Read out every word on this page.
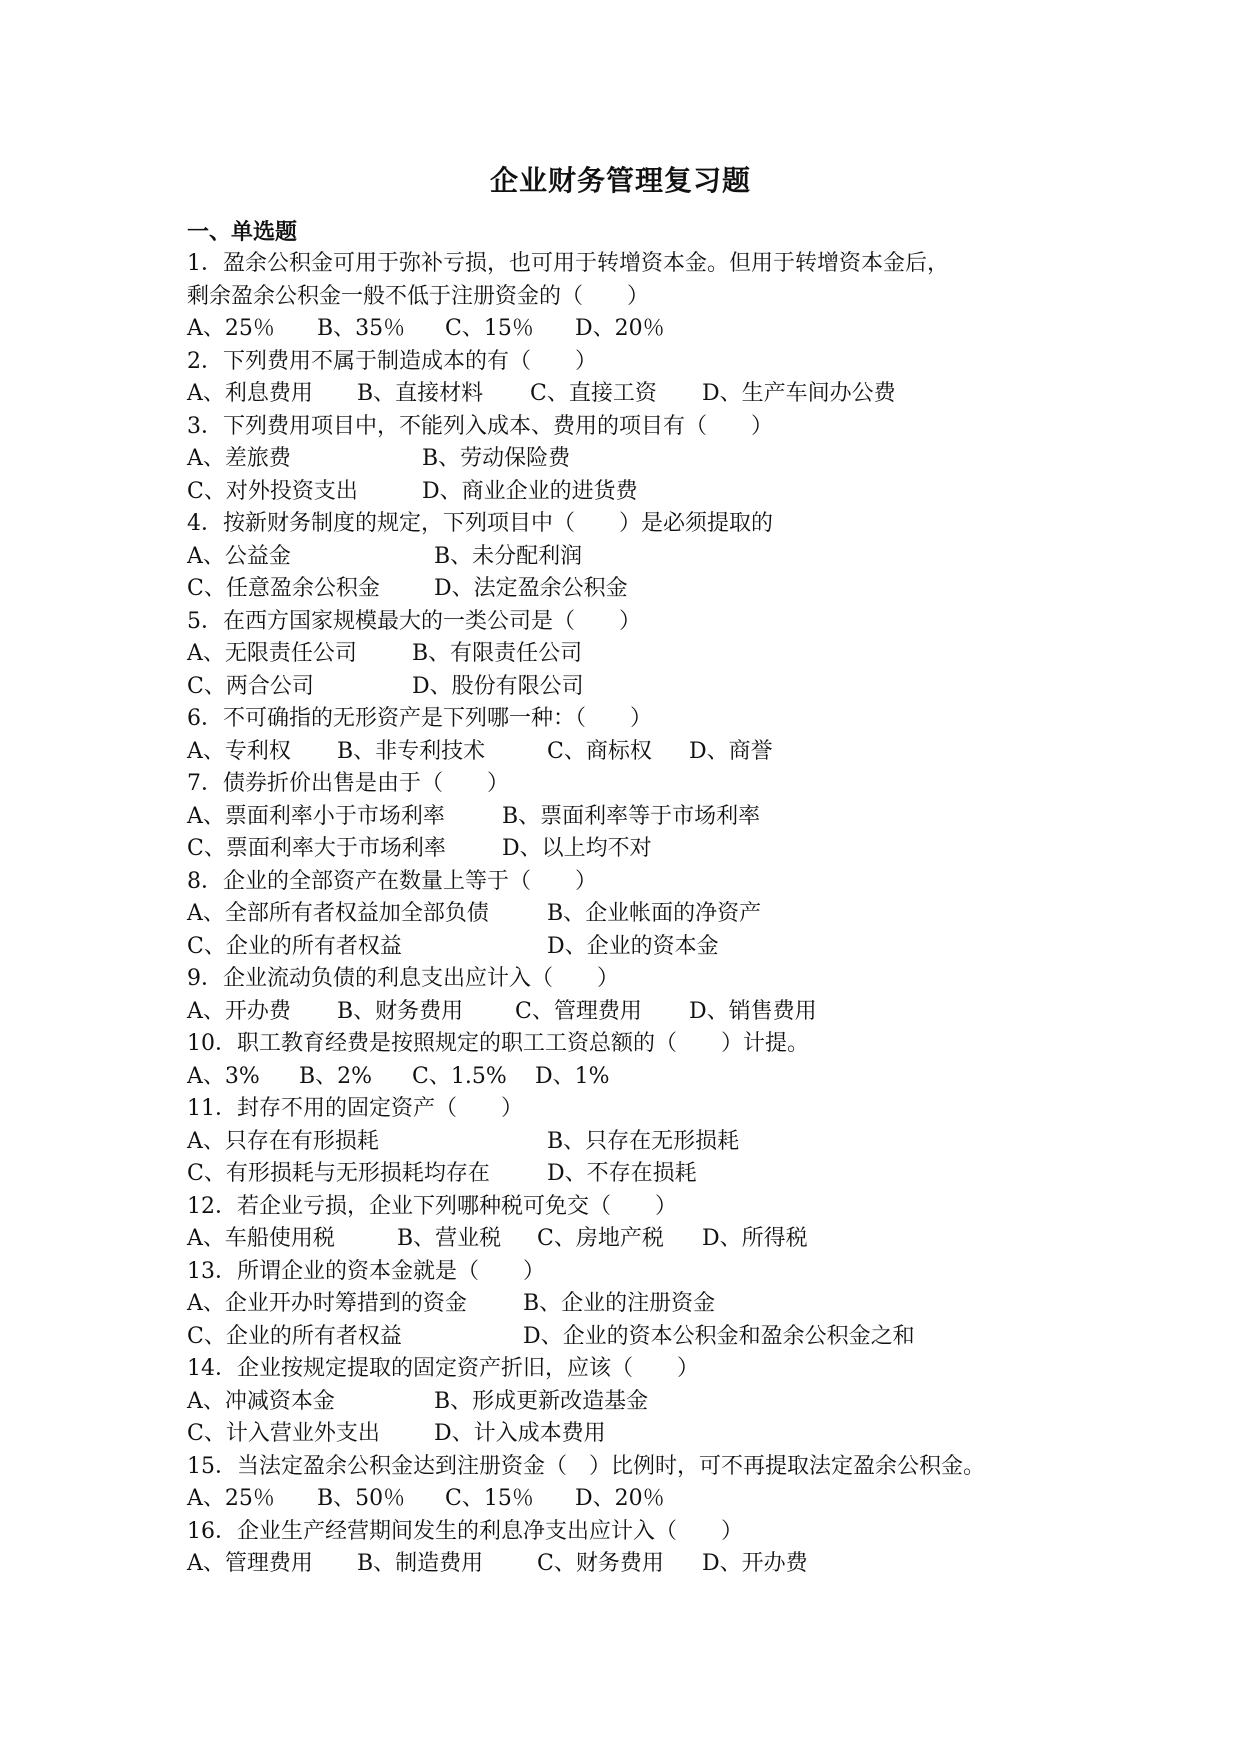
企业财务管理复习题
一、单选题
1．盈余公积金可用于弥补亏损，也可用于转增资本金。但用于转增资本金后，
剩余盈余公积金一般不低于注册资金的（　　）
A、25％ B、35％ C、15％ D、20％
2．下列费用不属于制造成本的有（　　）
A、利息费用 B、直接材料 C、直接工资 D、生产车间办公费
3．下列费用项目中，不能列入成本、费用的项目有（　　）
A、差旅费	B、劳动保险费
C、对外投资支出	D、商业企业的进货费
4．按新财务制度的规定，下列项目中（　　）是必须提取的
A、公益金	B、未分配利润
C、任意盈余公积金 D、法定盈余公积金
5．在西方国家规模最大的一类公司是（　　）
A、无限责任公司	B、有限责任公司
C、两合公司	D、股份有限公司
6．不可确指的无形资产是下列哪一种：（　　）
A、专利权 B、非专利技术	C、商标权 D、商誉
7．债券折价出售是由于（　　）
A、票面利率小于市场利率	B、票面利率等于市场利率
C、票面利率大于市场利率	D、以上均不对
8．企业的全部资产在数量上等于（　　）
A、全部所有者权益加全部负债	B、企业帐面的净资产
C、企业的所有者权益	D、企业的资本金
9．企业流动负债的利息支出应计入（　　）
A、开办费 B、财务费用 C、管理费用 D、销售费用
10．职工教育经费是按照规定的职工工资总额的（　　）计提。
A、3% B、2% C、1.5% D、1%
11．封存不用的固定资产（　　）
A、只存在有形损耗	B、只存在无形损耗
C、有形损耗与无形损耗均存在	D、不存在损耗
12．若企业亏损，企业下列哪种税可免交（　　）
A、车船使用税	B、营业税 C、房地产税 D、所得税
13．所谓企业的资本金就是（　　）
A、企业开办时筹措到的资金	B、企业的注册资金
C、企业的所有者权益	D、企业的资本公积金和盈余公积金之和
14．企业按规定提取的固定资产折旧，应该（　　）
A、冲减资本金	B、形成更新改造基金
C、计入营业外支出 D、计入成本费用
15．当法定盈余公积金达到注册资金（　）比例时，可不再提取法定盈余公积金。
A、25％ B、50％ C、15％ D、20％
16．企业生产经营期间发生的利息净支出应计入（　　）
A、管理费用 B、制造费用 C、财务费用 D、开办费
